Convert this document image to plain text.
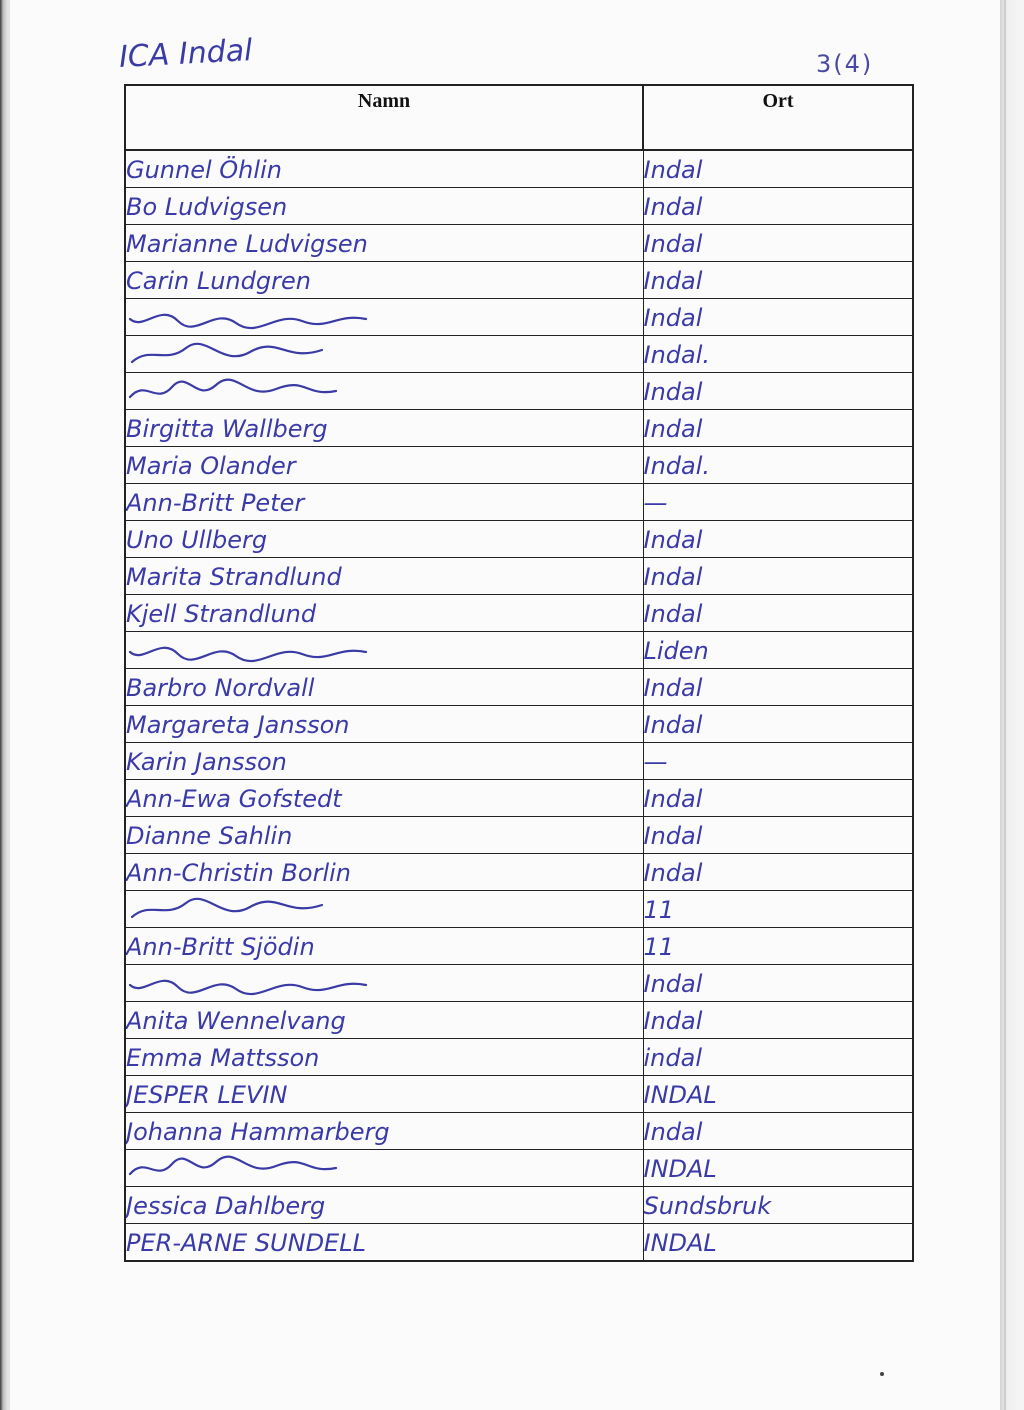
ICA Indal	3(4)
Namn	Ort
Gunnel Öhlin	Indal
Bo Ludvigsen	Indal
Marianne Ludvigsen	Indal
Carin Lundgren	Indal
	Indal
	Indal.
	Indal
Birgitta Wallberg	Indal
Maria Olander	Indal.
Ann-Britt Peter	—
Uno Ullberg	Indal
Marita Strandlund	Indal
Kjell Strandlund	Indal
	Liden
Barbro Nordvall	Indal
Margareta Jansson	Indal
Karin Jansson	—
Ann-Ewa Gofstedt	Indal
Dianne Sahlin	Indal
Ann-Christin Borlin	Indal
	11
Ann-Britt Sjödin	11
	Indal
Anita Wennelvang	Indal
Emma Mattsson	indal
JESPER LEVIN	INDAL
Johanna Hammarberg	Indal
	INDAL
Jessica Dahlberg	Sundsbruk
PER-ARNE SUNDELL	INDAL
